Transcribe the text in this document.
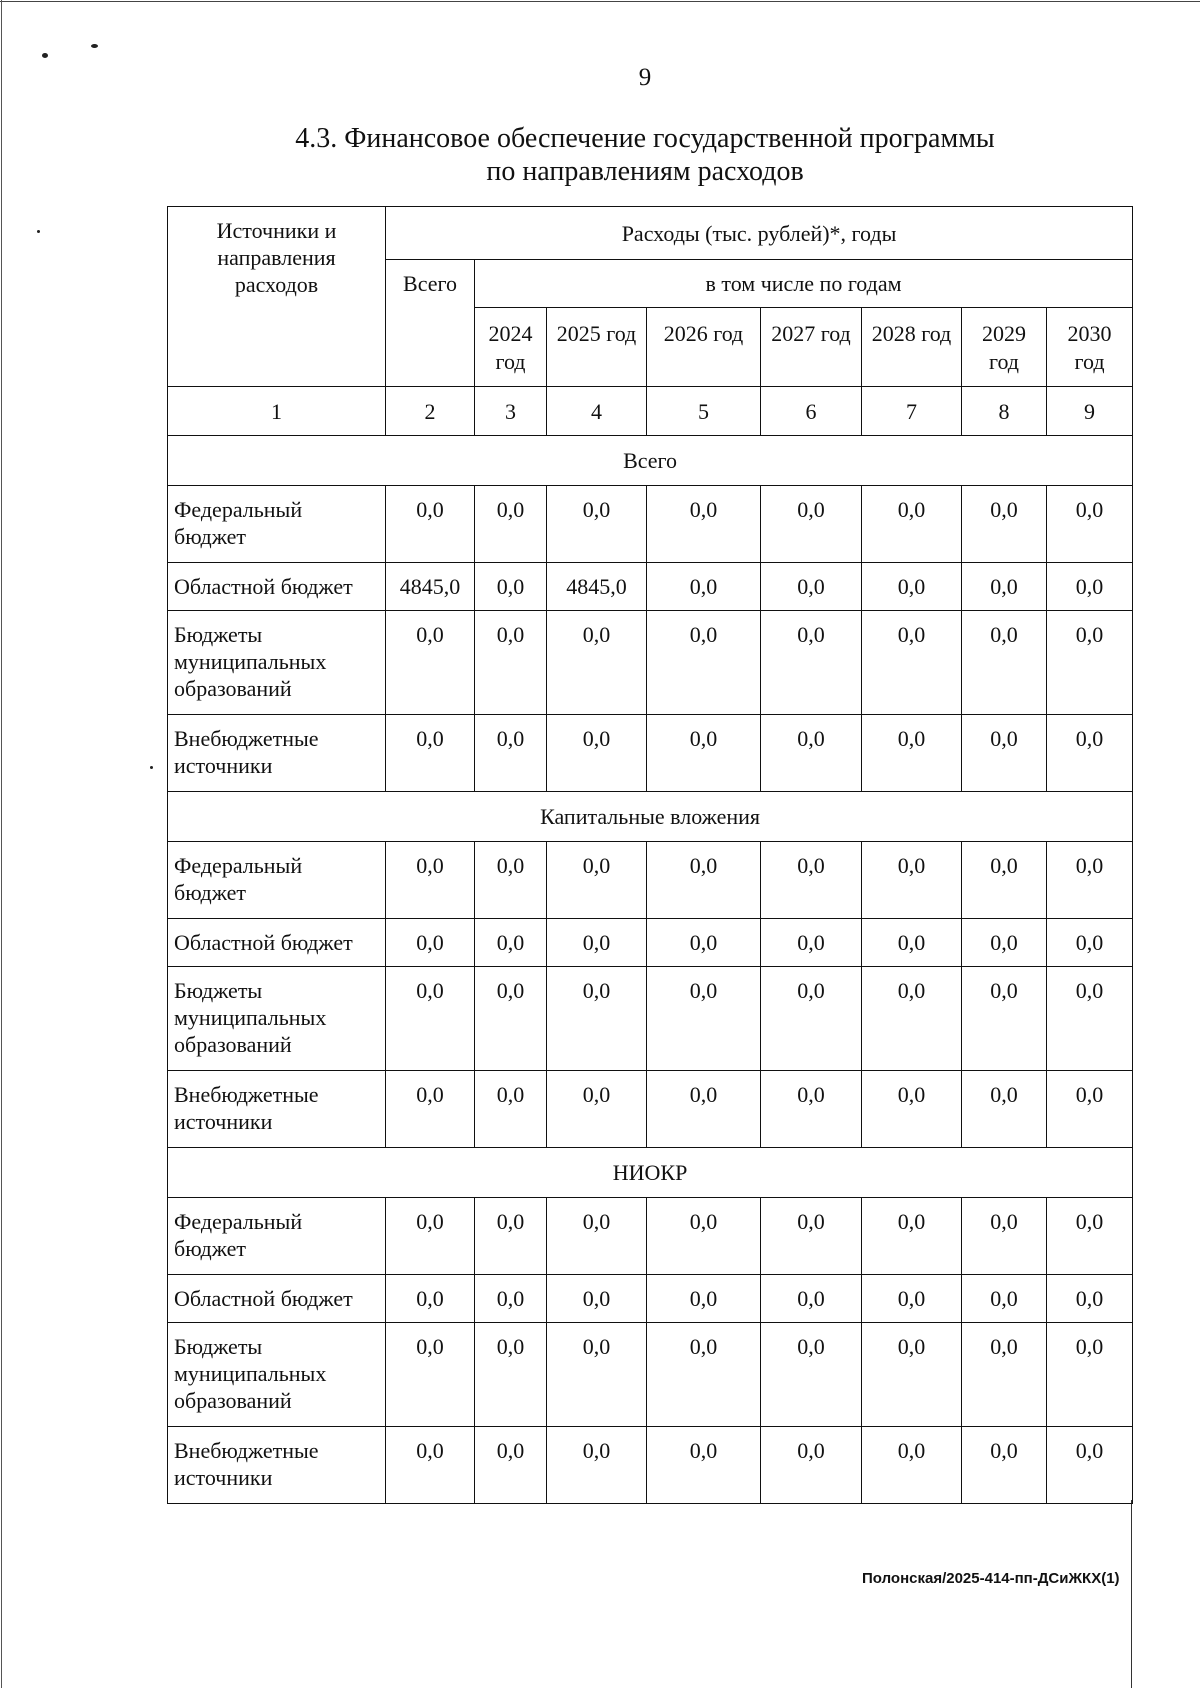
9
4.3. Финансовое обеспечение государственной программы
по направлениям расходов
Источники и направления расходов	Расходы (тыс. рублей)*, годы							
	Всего	в том числе по годам						
		2024 год	2025 год	2026 год	2027 год	2028 год	2029 год	2030 год
1	2	3	4	5	6	7	8	9
Всего								
Федеральный бюджет	0,0	0,0	0,0	0,0	0,0	0,0	0,0	0,0
Областной бюджет	4845,0	0,0	4845,0	0,0	0,0	0,0	0,0	0,0
Бюджеты муниципальных образований	0,0	0,0	0,0	0,0	0,0	0,0	0,0	0,0
Внебюджетные источники	0,0	0,0	0,0	0,0	0,0	0,0	0,0	0,0
Капитальные вложения								
Федеральный бюджет	0,0	0,0	0,0	0,0	0,0	0,0	0,0	0,0
Областной бюджет	0,0	0,0	0,0	0,0	0,0	0,0	0,0	0,0
Бюджеты муниципальных образований	0,0	0,0	0,0	0,0	0,0	0,0	0,0	0,0
Внебюджетные источники	0,0	0,0	0,0	0,0	0,0	0,0	0,0	0,0
НИОКР								
Федеральный бюджет	0,0	0,0	0,0	0,0	0,0	0,0	0,0	0,0
Областной бюджет	0,0	0,0	0,0	0,0	0,0	0,0	0,0	0,0
Бюджеты муниципальных образований	0,0	0,0	0,0	0,0	0,0	0,0	0,0	0,0
Внебюджетные источники	0,0	0,0	0,0	0,0	0,0	0,0	0,0	0,0
Полонская/2025-414-пп-ДСиЖКХ(1)
